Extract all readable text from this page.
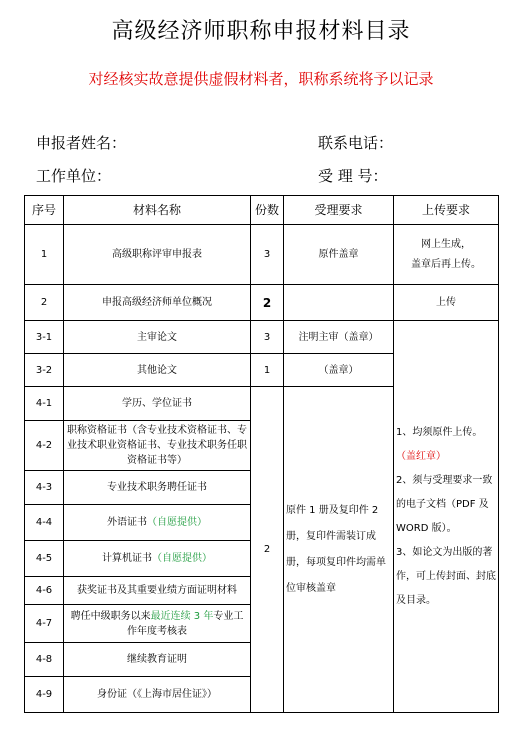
高级经济师职称申报材料目录
对经核实故意提供虚假材料者，职称系统将予以记录
申报者姓名：	联系电话：
工作单位：	受 理 号：
序号	材料名称	份数	受理要求	上传要求
1	高级职称评审申报表	3	原件盖章	网上生成，
盖章后再上传。
2	申报高级经济师单位概况	2		上传
3-1	主审论文	3	注明主审（盖章）	1、均须原件上传。（盖红章）
2、须与受理要求一致的电子文档（PDF 及 WORD 版）。
3、如论文为出版的著作，可上传封面、封底及目录。
3-2	其他论文	1	（盖章）	
4-1	学历、学位证书	2	原件 1 册及复印件 2 册，复印件需装订成册，每项复印件均需单位审核盖章	
4-2	职称资格证书（含专业技术资格证书、专业技术职业资格证书、专业技术职务任职资格证书等）			
4-3	专业技术职务聘任证书			
4-4	外语证书（自愿提供）			
4-5	计算机证书（自愿提供）			
4-6	获奖证书及其重要业绩方面证明材料			
4-7	聘任中级职务以来最近连续 3 年专业工作年度考核表			
4-8	继续教育证明			
4-9	身份证（《上海市居住证》）			
